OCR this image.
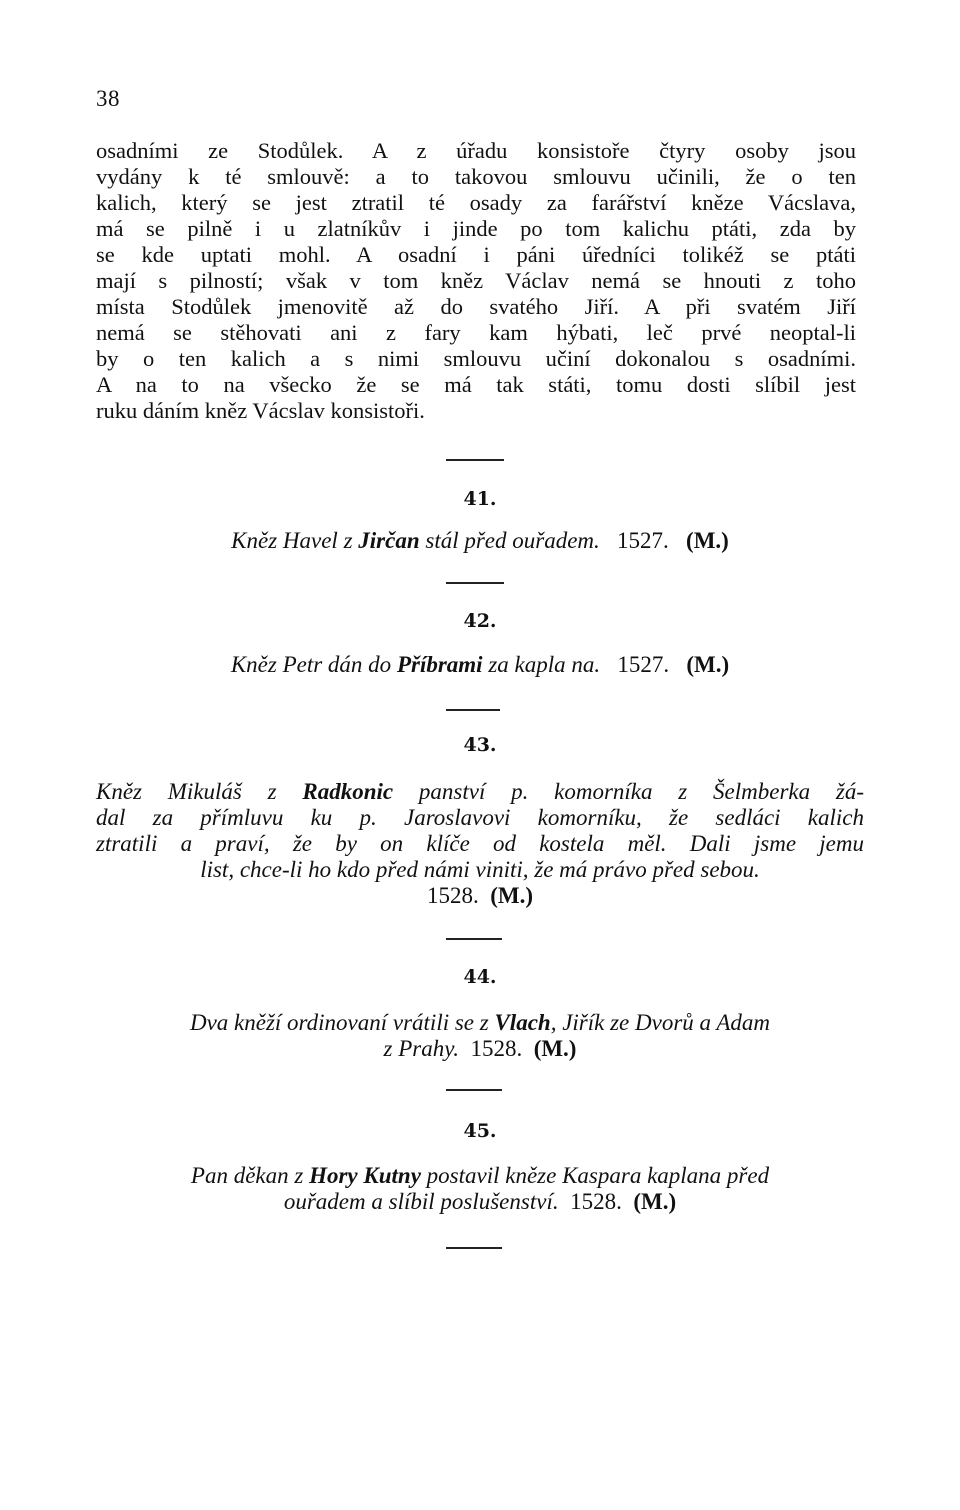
38
osadními ze Stodůlek. A z úřadu konsistoře čtyry osoby jsou
vydány k té smlouvě: a to takovou smlouvu učinili, že o ten
kalich, který se jest ztratil té osady za farářství kněze Vácslava,
má se pilně i u zlatníkův i jinde po tom kalichu ptáti, zda by
se kde uptati mohl. A osadní i páni úředníci tolikéž se ptáti
mají s pilností; však v tom kněz Václav nemá se hnouti z toho
místa Stodůlek jmenovitě až do svatého Jiří. A při svatém Jiří
nemá se stěhovati ani z fary kam hýbati, leč prvé neoptal-li
by o ten kalich a s nimi smlouvu učiní dokonalou s osadními.
A na to na všecko že se má tak státi, tomu dosti slíbil jest
ruku dáním kněz Vácslav konsistoři.
41.
Kněz Havel z Jirčan stál před ouřadem. 1527. (M.)
42.
Kněz Petr dán do Příbrami za kapla na. 1527. (M.)
43.
Kněz Mikuláš z Radkonic panství p. komorníka z Šelmberka žá-
dal za přímluvu ku p. Jaroslavovi komorníku, že sedláci kalich
ztratili a praví, že by on klíče od kostela měl. Dali jsme jemu
list, chce-li ho kdo před námi viniti, že má právo před sebou.
1528. (M.)
44.
Dva kněží ordinovaní vrátili se z Vlach, Jiřík ze Dvorů a Adam
z Prahy. 1528. (M.)
45.
Pan děkan z Hory Kutny postavil kněze Kaspara kaplana před
ouřadem a slíbil poslušenství. 1528. (M.)
